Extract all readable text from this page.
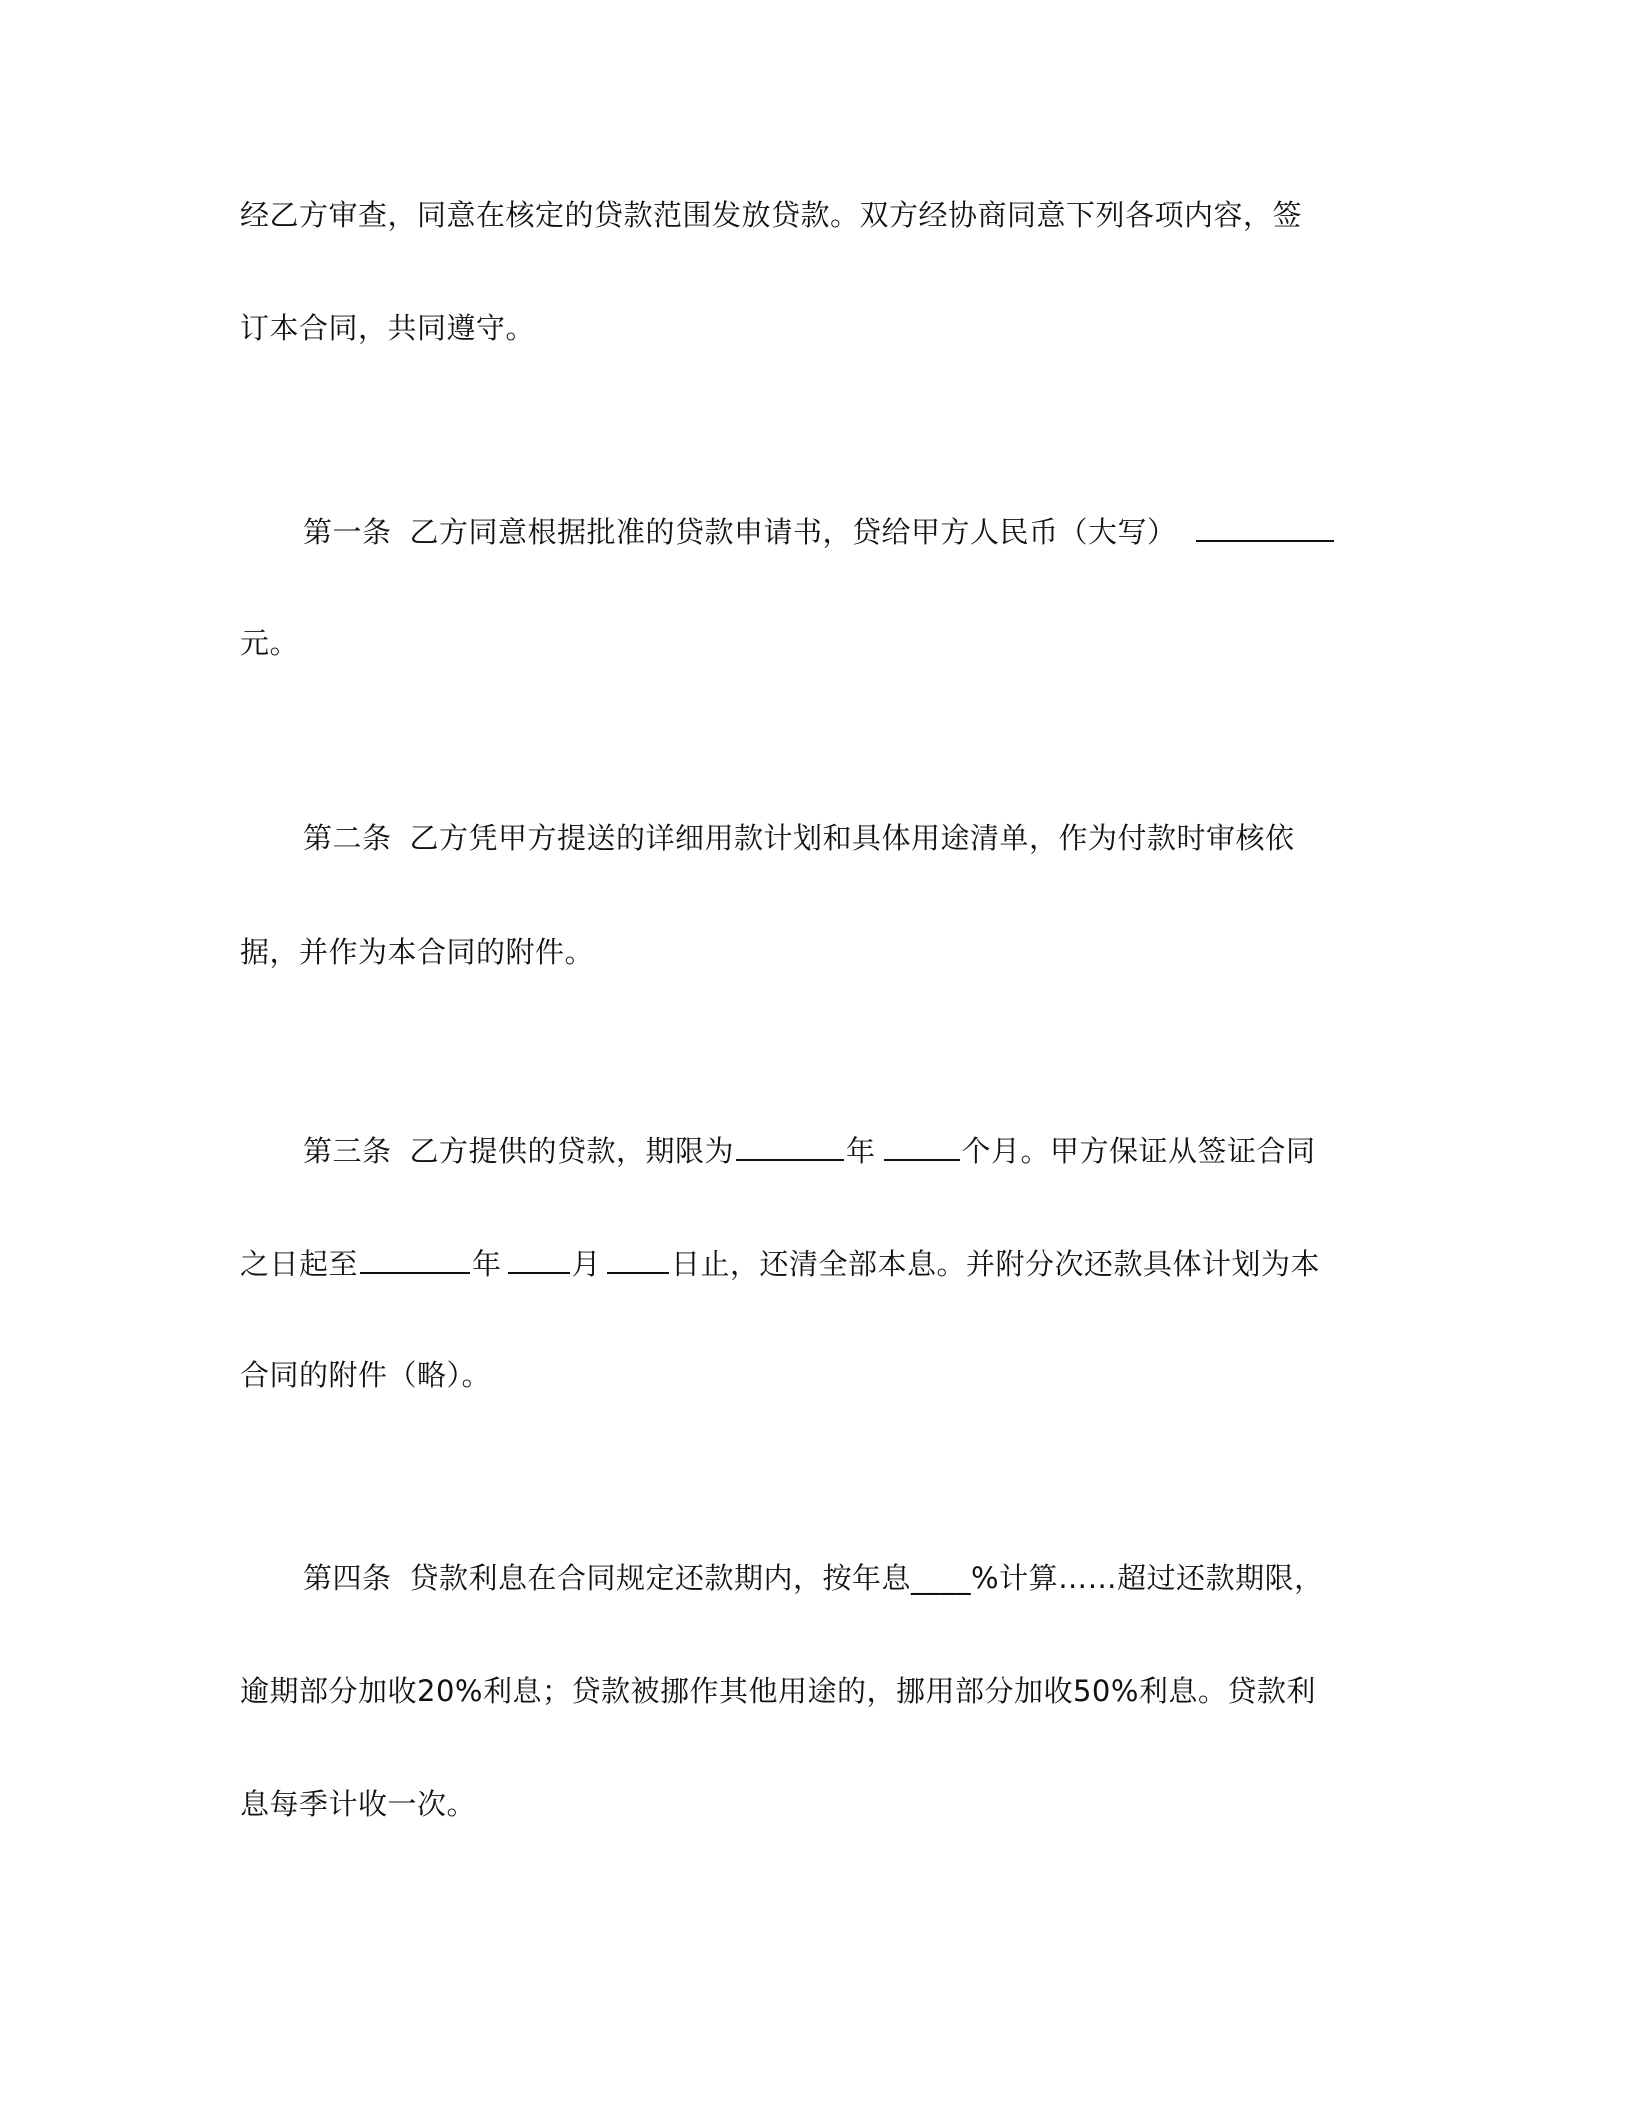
经乙方审查，同意在核定的贷款范围发放贷款。双方经协商同意下列各项内容，签
订本合同，共同遵守。
第一条 乙方同意根据批准的贷款申请书，贷给甲方人民币（大写）
元。
第二条 乙方凭甲方提送的详细用款计划和具体用途清单，作为付款时审核依
据，并作为本合同的附件。
第三条 乙方提供的贷款，期限为	年	个月。甲方保证从签证合同
之日起至	年 月 日止，还清全部本息。并附分次还款具体计划为本
合同的附件（略）。
第四条 贷款利息在合同规定还款期内，按年息____%计算……超过还款期限，
逾期部分加收20%利息；贷款被挪作其他用途的，挪用部分加收50%利息。贷款利
息每季计收一次。
